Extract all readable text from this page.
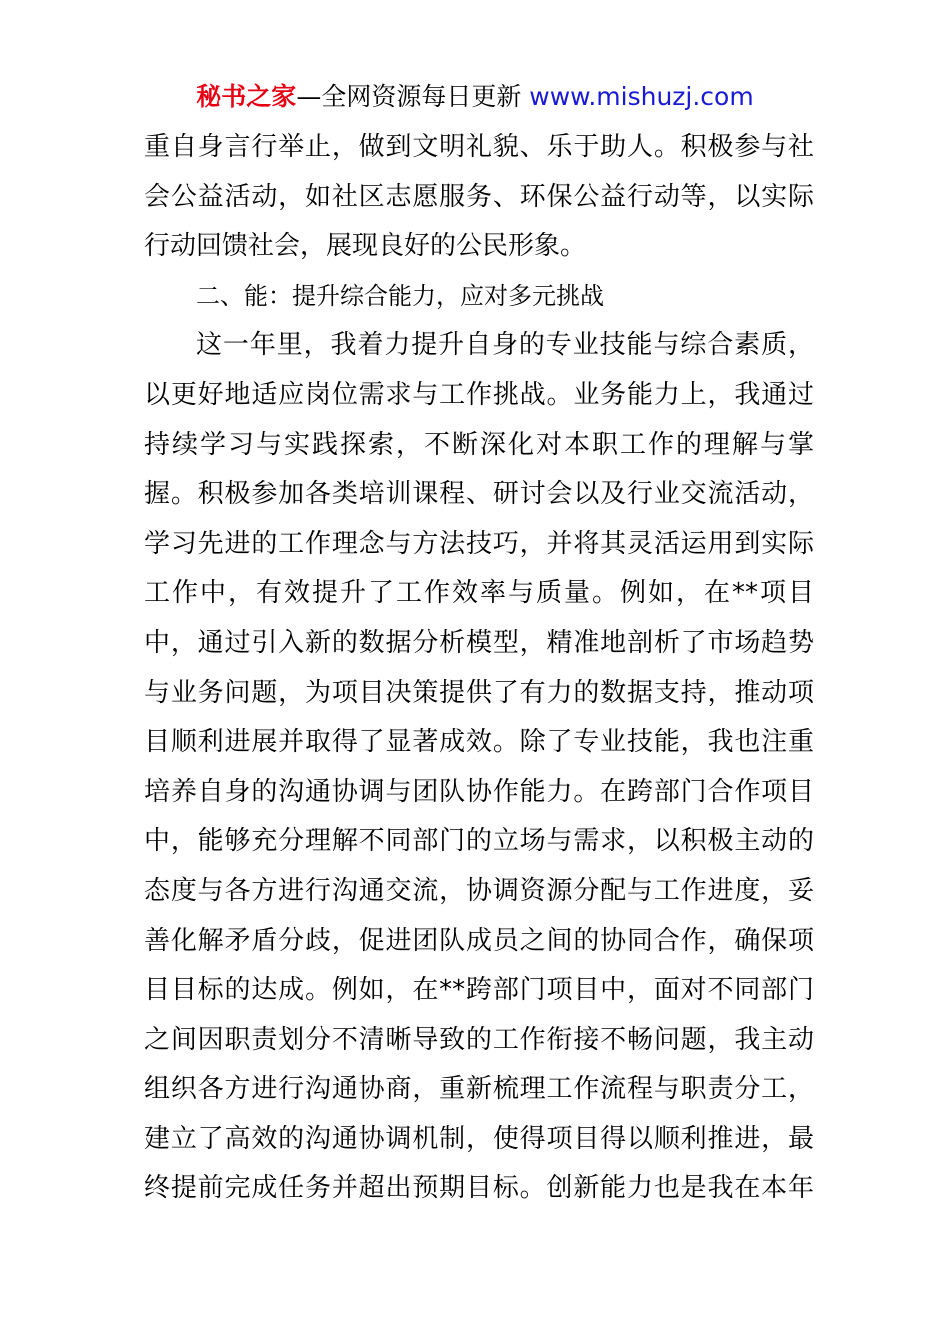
秘书之家—全网资源每日更新 www.mishuzj.com
重自身言行举止，做到文明礼貌、乐于助人。积极参与社
会公益活动，如社区志愿服务、环保公益行动等，以实际
行动回馈社会，展现良好的公民形象。
二、能：提升综合能力，应对多元挑战
这一年里，我着力提升自身的专业技能与综合素质，
以更好地适应岗位需求与工作挑战。业务能力上，我通过
持续学习与实践探索，不断深化对本职工作的理解与掌
握。积极参加各类培训课程、研讨会以及行业交流活动，
学习先进的工作理念与方法技巧，并将其灵活运用到实际
工作中，有效提升了工作效率与质量。例如，在**项目
中，通过引入新的数据分析模型，精准地剖析了市场趋势
与业务问题，为项目决策提供了有力的数据支持，推动项
目顺利进展并取得了显著成效。除了专业技能，我也注重
培养自身的沟通协调与团队协作能力。在跨部门合作项目
中，能够充分理解不同部门的立场与需求，以积极主动的
态度与各方进行沟通交流，协调资源分配与工作进度，妥
善化解矛盾分歧，促进团队成员之间的协同合作，确保项
目目标的达成。例如，在**跨部门项目中，面对不同部门
之间因职责划分不清晰导致的工作衔接不畅问题，我主动
组织各方进行沟通协商，重新梳理工作流程与职责分工，
建立了高效的沟通协调机制，使得项目得以顺利推进，最
终提前完成任务并超出预期目标。创新能力也是我在本年
